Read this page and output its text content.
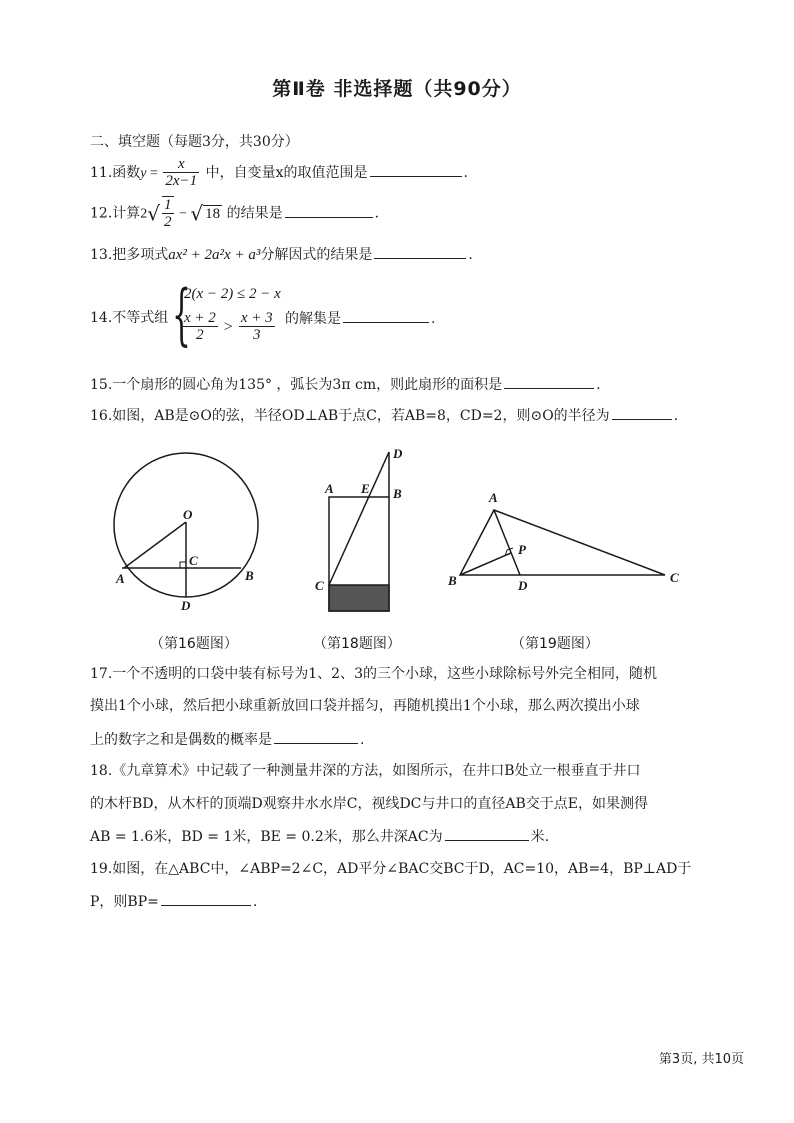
第Ⅱ卷 非选择题（共90分）
二、填空题（每题3分，共30分）
11.函数$y = \frac{x}{2x-1}$ 中，自变量x的取值范围是	.
12.计算$2√ \frac{1}{2}$ − √ 18 的结果是	.
13.把多项式ax² + 2a²x + a³分解因式的结果是	.
14.不等式组 {
2(x − 2) ≤ 2 − x
$\frac{x + 2}{2} > \frac{x + 3}{3}$ 的解集是	.
15.一个扇形的圆心角为135° ，弧长为3π cm，则此扇形的面积是	.
16.如图，AB是⊙O的弦，半径OD⊥AB于点C，若AB=8，CD=2，则⊙O的半径为	.
O
A	B
C
D
A E B
C
D
A
B	C
D
P
（第16题图）	（第18题图）	（第19题图）
17.一个不透明的口袋中装有标号为1、2、3的三个小球，这些小球除标号外完全相同，随机
摸出1个小球，然后把小球重新放回口袋并摇匀，再随机摸出1个小球，那么两次摸出小球
上的数字之和是偶数的概率是	.
18.《九章算术》中记载了一种测量井深的方法，如图所示，在井口B处立一根垂直于井口
的木杆BD，从木杆的顶端D观察井水水岸C，视线DC与井口的直径AB交于点E，如果测得
AB = 1.6米，BD = 1米，BE = 0.2米，那么井深AC为	米.
19.如图，在△ABC中，∠ABP=2∠C，AD平分∠BAC交BC于D，AC=10，AB=4，BP⊥AD于
P，则BP=	.
第3页, 共10页
